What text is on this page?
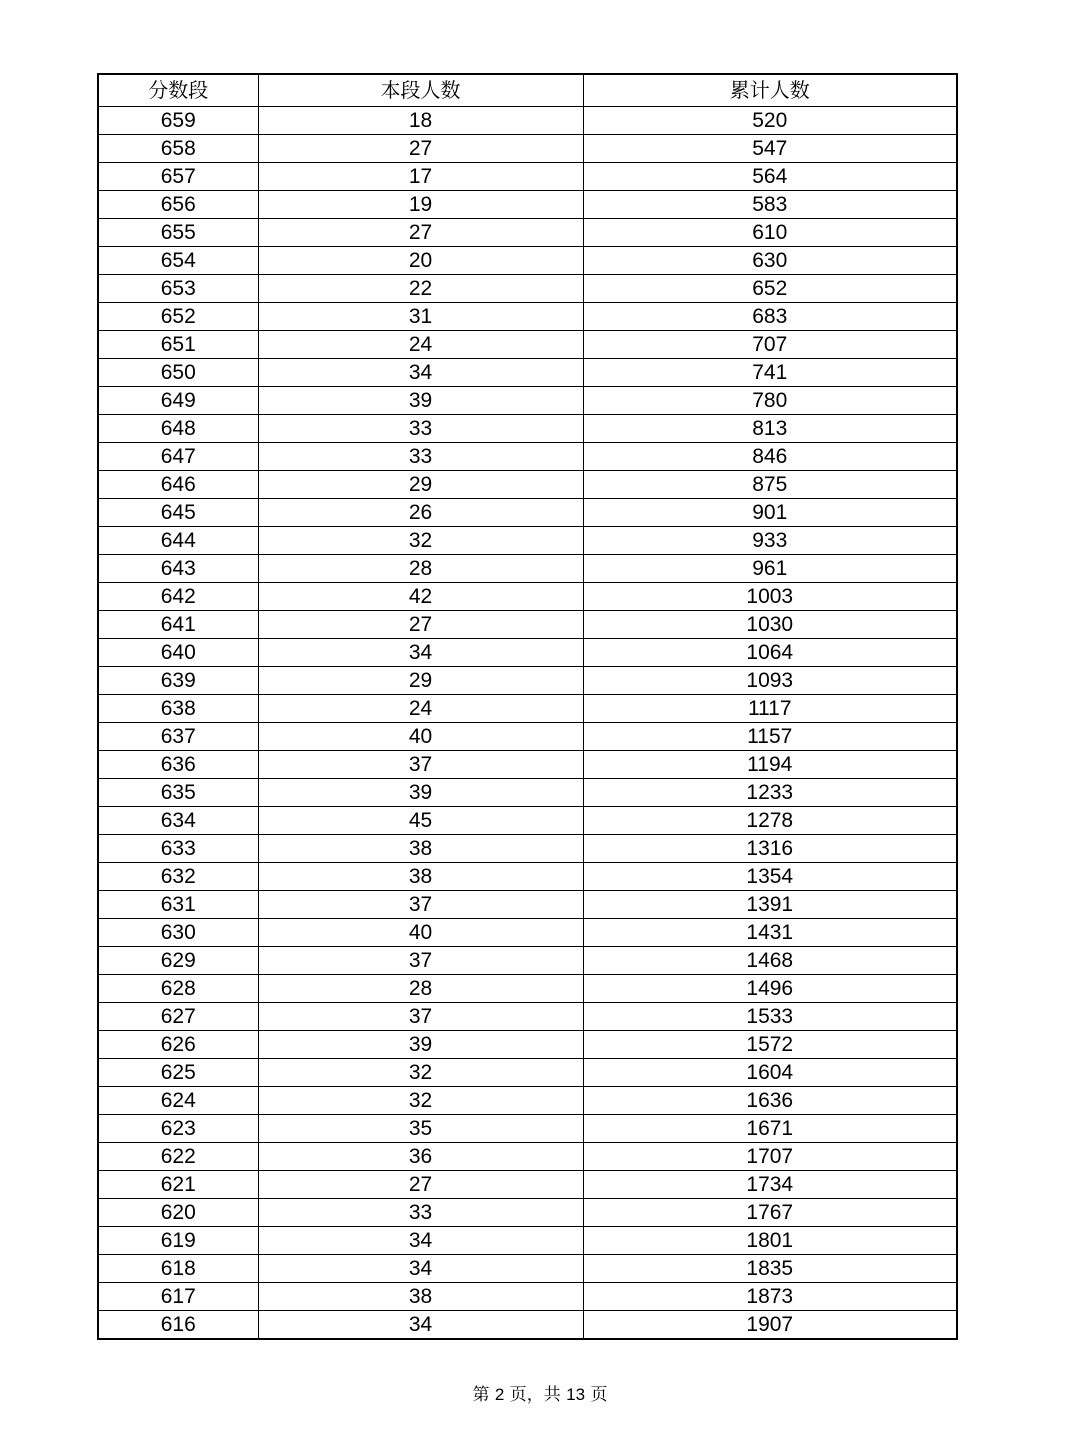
分数段	本段人数	累计人数
659	18	520
658	27	547
657	17	564
656	19	583
655	27	610
654	20	630
653	22	652
652	31	683
651	24	707
650	34	741
649	39	780
648	33	813
647	33	846
646	29	875
645	26	901
644	32	933
643	28	961
642	42	1003
641	27	1030
640	34	1064
639	29	1093
638	24	1117
637	40	1157
636	37	1194
635	39	1233
634	45	1278
633	38	1316
632	38	1354
631	37	1391
630	40	1431
629	37	1468
628	28	1496
627	37	1533
626	39	1572
625	32	1604
624	32	1636
623	35	1671
622	36	1707
621	27	1734
620	33	1767
619	34	1801
618	34	1835
617	38	1873
616	34	1907
第 2 页，共 13 页
